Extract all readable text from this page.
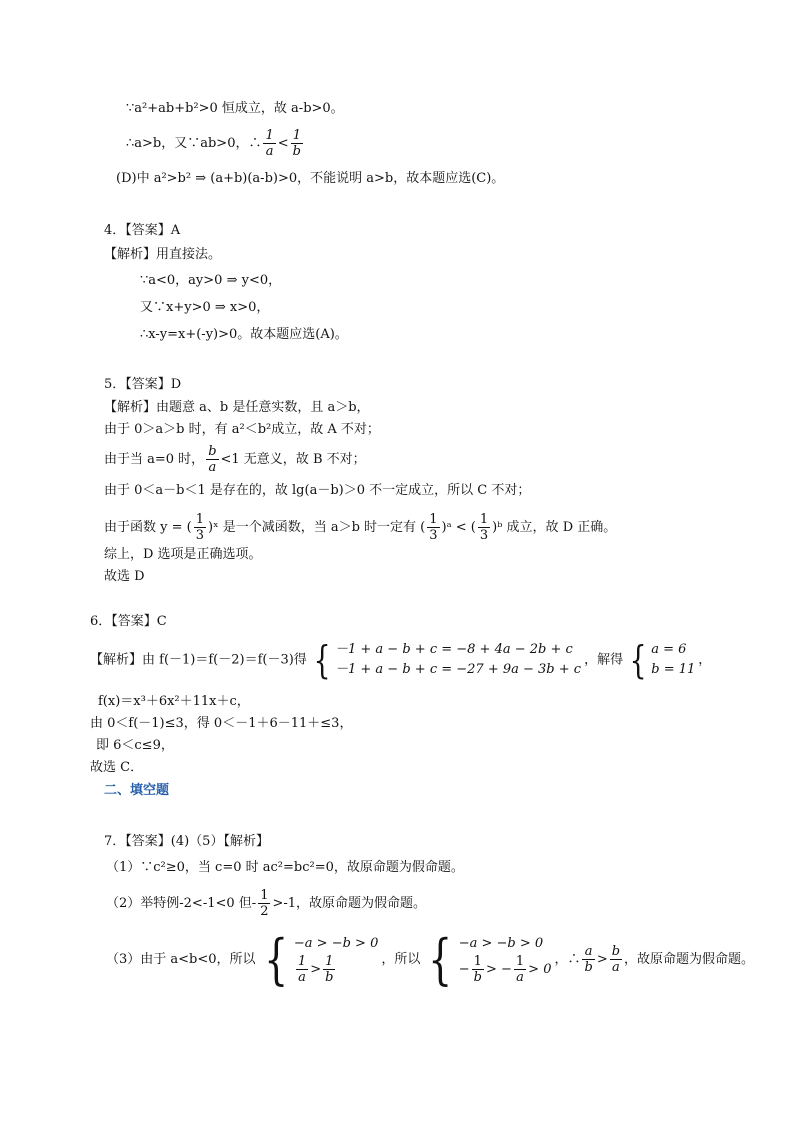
∵a²+ab+b²>0 恒成立，故 a-b>0。
∴a>b，又∵ab>0，∴ $\frac{1}{a} < \frac{1}{b}$
(D)中 a²>b² ⇒ (a+b)(a-b)>0，不能说明 a>b，故本题应选(C)。
4．【答案】A
【解析】用直接法。
∵a<0，ay>0 ⇒ y<0，
又∵x+y>0 ⇒ x>0，
∴x-y=x+(-y)>0。故本题应选(A)。
5．【答案】D
【解析】由题意 a、b 是任意实数，且 a＞b，
由于 0＞a＞b 时，有 a²＜b²成立，故 A 不对；
由于当 a=0 时， $\frac{b}{a} <1$ 无意义，故 B 不对；
由于 0＜a－b＜1 是存在的，故 lg(a－b)＞0 不一定成立，所以 C 不对；
由于函数 y = ( $\frac{1}{3}$ )ˣ 是一个减函数，当 a＞b 时一定有 ( $\frac{1}{3}$ )ᵃ < ( $\frac{1}{3}$ )ᵇ 成立，故 D 正确。
综上，D 选项是正确选项。
故选 D
6．【答案】C
【解析】由 f(－1)＝f(－2)＝f(－3)得 { －1 + a − b + c = −8 + 4a − 2b + c
－1 + a − b + c = −27 + 9a − 3b + c
，解得 { a = 6
b = 11
，
f(x)＝x³＋6x²＋11x＋c，
由 0＜f(－1)≤3，得 0＜－1＋6－11＋≤3，
即 6＜c≤9，
故选 C．
二、填空题
7．【答案】(4)（5）【解析】
（1）∵c²≥0，当 c=0 时 ac²=bc²=0，故原命题为假命题。
（2）举特例-2<-1<0 但- $\frac{1}{2} >-1$，故原命题为假命题。
（3）由于 a<b<0，所以 { −a > −b > 0
$\frac{1}{a} > \frac{1}{b}$	，所以 { −a > −b > 0
− $\frac{1}{b}$ > − $\frac{1}{a} > 0$
，∴ $\frac{a}{b} > \frac{b}{a}$ ，故原命题为假命题。
